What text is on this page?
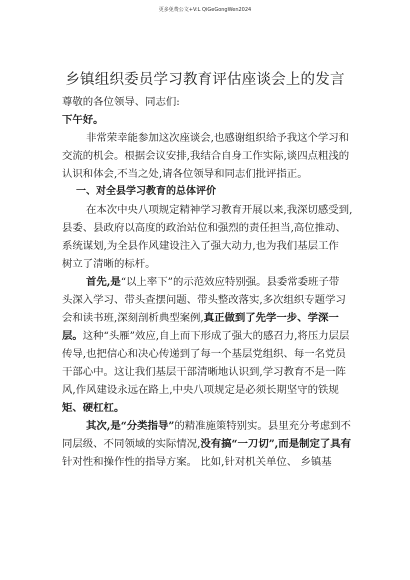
更多免费公文+V:L QiGeGongWen2024
乡镇组织委员学习教育评估座谈会上的发言
尊敬的各位领导、同志们:
下午好。
非常荣幸能参加这次座谈会,也感谢组织给予我这个学习和
交流的机会。根据会议安排,我结合自身工作实际,谈四点粗浅的
认识和体会,不当之处,请各位领导和同志们批评指正。
一、对全县学习教育的总体评价
在本次中央八项规定精神学习教育开展以来,我深切感受到,
县委、县政府以高度的政治站位和强烈的责任担当,高位推动、
系统谋划,为全县作风建设注入了强大动力,也为我们基层工作
树立了清晰的标杆。
首先,是“以上率下”的示范效应特别强。县委常委班子带
头深入学习、带头查摆问题、带头整改落实,多次组织专题学习
会和读书班,深刻剖析典型案例,真正做到了先学一步、学深一
层。这种“头雁”效应,自上而下形成了强大的感召力,将压力层层
传导,也把信心和决心传递到了每一个基层党组织、每一名党员
干部心中。这让我们基层干部清晰地认识到,学习教育不是一阵
风,作风建设永远在路上,中央八项规定是必须长期坚守的铁规
矩、硬杠杠。
其次,是“分类指导”的精准施策特别实。县里充分考虑到不
同层级、不同领域的实际情况,没有搞“一刀切”,而是制定了具有
针对性和操作性的指导方案。 比如,针对机关单位、 乡镇基
